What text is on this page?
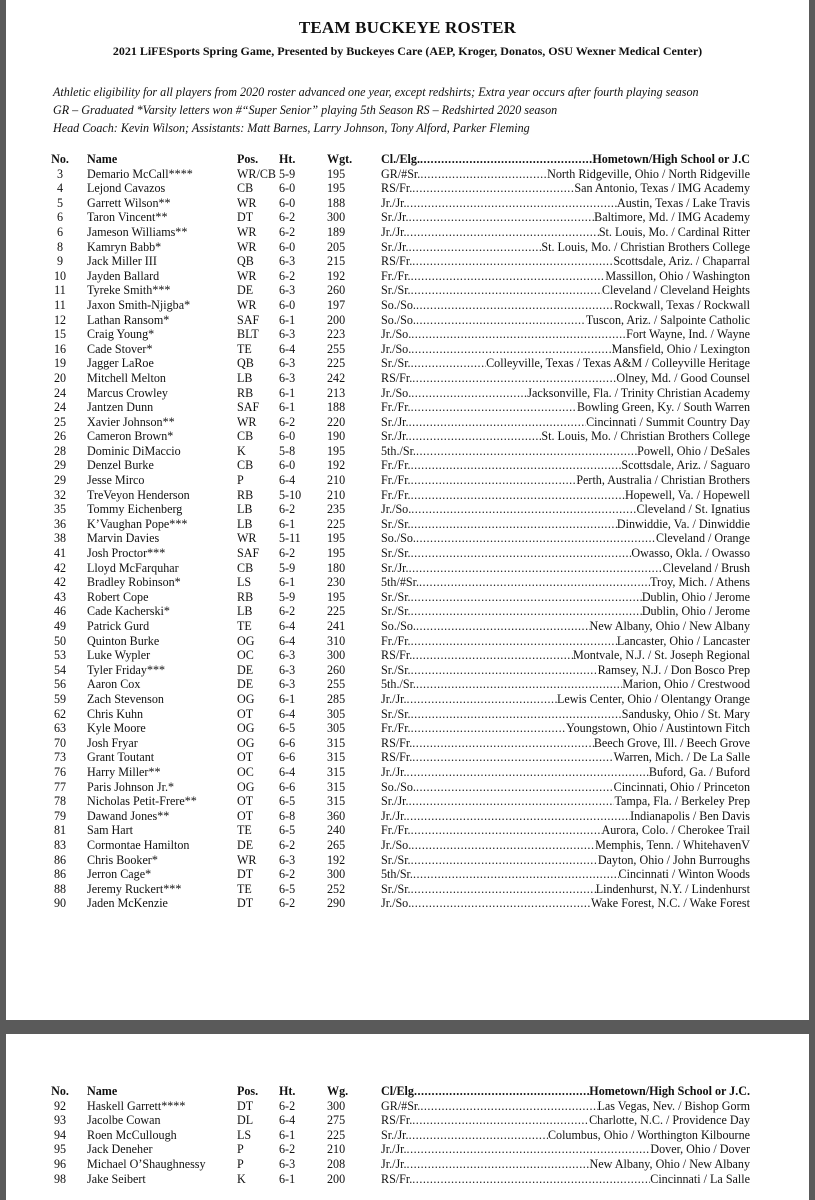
TEAM BUCKEYE ROSTER
2021 LiFESports Spring Game, Presented by Buckeyes Care (AEP, Kroger, Donatos, OSU Wexner Medical Center)
Athletic eligibility for all players from 2020 roster advanced one year, except redshirts; Extra year occurs after fourth playing season
GR – Graduated *Varsity letters won #“Super Senior” playing 5th Season RS – Redshirted 2020 season
Head Coach: Kevin Wilson; Assistants: Matt Barnes, Larry Johnson, Tony Alford, Parker Fleming
No. Name	Pos. Ht.	Wgt. Cl./Elg. .....	Hometown/High School or J.C
3	Demario McCall****	WR/CB 5-9	195	GR/#Sr. .....	North Ridgeville, Ohio / North Ridgeville
4	Lejond Cavazos	CB 6-0	195	RS/Fr. .....	San Antonio, Texas / IMG Academy
5	Garrett Wilson**	WR 6-0	188	Jr./Jr. .....	Austin, Texas / Lake Travis
6	Taron Vincent**	DT 6-2	300	Sr./Jr. .....	Baltimore, Md. / IMG Academy
6	Jameson Williams**	WR 6-2	189	Jr./Jr. .....	St. Louis, Mo. / Cardinal Ritter
8	Kamryn Babb*	WR 6-0	205	Sr./Jr. .....	St. Louis, Mo. / Christian Brothers College
9	Jack Miller III	QB 6-3	215	RS/Fr. .....	Scottsdale, Ariz. / Chaparral
10	Jayden Ballard	WR 6-2	192	Fr./Fr. .....	Massillon, Ohio / Washington
11	Tyreke Smith***	DE 6-3	260	Sr./Sr. .....	Cleveland / Cleveland Heights
11	Jaxon Smith-Njigba*	WR 6-0	197	So./So. .....	Rockwall, Texas / Rockwall
12	Lathan Ransom*	SAF 6-1	200	So./So. .....	Tuscon, Ariz. / Salpointe Catholic
15	Craig Young*	BLT 6-3	223	Jr./So. .....	Fort Wayne, Ind. / Wayne
16	Cade Stover*	TE 6-4	255	Jr./So. .....	Mansfield, Ohio / Lexington
19	Jagger LaRoe	QB 6-3	225	Sr./Sr. .....	Colleyville, Texas / Texas A&M / Colleyville Heritage
20	Mitchell Melton	LB 6-3	242	RS/Fr. .....	Olney, Md. / Good Counsel
24	Marcus Crowley	RB 6-1	213	Jr./So. .....	Jacksonville, Fla. / Trinity Christian Academy
24	Jantzen Dunn	SAF 6-1	188	Fr./Fr. .....	Bowling Green, Ky. / South Warren
25	Xavier Johnson**	WR 6-2	220	Sr./Jr. .....	Cincinnati / Summit Country Day
26	Cameron Brown*	CB 6-0	190	Sr./Jr. .....	St. Louis, Mo. / Christian Brothers College
28	Dominic DiMaccio	K	5-8	195	5th./Sr. .....	Powell, Ohio / DeSales
29	Denzel Burke	CB 6-0	192	Fr./Fr. .....	Scottsdale, Ariz. / Saguaro
29	Jesse Mirco	P	6-4	210	Fr./Fr. .....	Perth, Australia / Christian Brothers
32	TreVeyon Henderson	RB 5-10 210	Fr./Fr. .....	Hopewell, Va. / Hopewell
35	Tommy Eichenberg	LB 6-2	235	Jr./So. .....	Cleveland / St. Ignatius
36	K’Vaughan Pope***	LB 6-1	225	Sr./Sr. .....	Dinwiddie, Va. / Dinwiddie
38	Marvin Davies	WR 5-11 195	So./So. .....	Cleveland / Orange
41	Josh Proctor***	SAF 6-2	195	Sr./Sr. .....	Owasso, Okla. / Owasso
42	Lloyd McFarquhar	CB 5-9	180	Sr./Jr. .....	Cleveland / Brush
42	Bradley Robinson*	LS 6-1	230	5th/#Sr. .....	Troy, Mich. / Athens
43	Robert Cope	RB 5-9	195	Sr./Sr. .....	Dublin, Ohio / Jerome
46	Cade Kacherski*	LB 6-2	225	Sr./Sr. .....	Dublin, Ohio / Jerome
49	Patrick Gurd	TE 6-4	241	So./So. .....	New Albany, Ohio / New Albany
50	Quinton Burke	OG 6-4	310	Fr./Fr. .....	Lancaster, Ohio / Lancaster
53	Luke Wypler	OC 6-3	300	RS/Fr. .....	Montvale, N.J. / St. Joseph Regional
54	Tyler Friday***	DE 6-3	260	Sr./Sr. .....	Ramsey, N.J. / Don Bosco Prep
56	Aaron Cox	DE 6-3	255	5th./Sr. .....	Marion, Ohio / Crestwood
59	Zach Stevenson	OG 6-1	285	Jr./Jr. .....	Lewis Center, Ohio / Olentangy Orange
62	Chris Kuhn	OT 6-4	305	Sr./Sr. .....	Sandusky, Ohio / St. Mary
63	Kyle Moore	OG 6-5	305	Fr./Fr. .....	Youngstown, Ohio / Austintown Fitch
70	Josh Fryar	OG 6-6	315	RS/Fr. .....	Beech Grove, Ill. / Beech Grove
73	Grant Toutant	OT 6-6	315	RS/Fr. .....	Warren, Mich. / De La Salle
76	Harry Miller**	OC 6-4	315	Jr./Jr. .....	Buford, Ga. / Buford
77	Paris Johnson Jr.*	OG 6-6	315	So./So. .....	Cincinnati, Ohio / Princeton
78	Nicholas Petit-Frere**	OT 6-5	315	Sr./Jr. .....	Tampa, Fla. / Berkeley Prep
79	Dawand Jones**	OT 6-8	360	Jr./Jr. .....	Indianapolis / Ben Davis
81	Sam Hart	TE 6-5	240	Fr./Fr. .....	Aurora, Colo. / Cherokee Trail
83	Cormontae Hamilton	DE 6-2	265	Jr./So. .....	Memphis, Tenn. / WhitehavenV
86	Chris Booker*	WR 6-3	192	Sr./Sr. .....	Dayton, Ohio / John Burroughs
86	Jerron Cage*	DT 6-2	300	5th/Sr. .....	Cincinnati / Winton Woods
88	Jeremy Ruckert***	TE 6-5	252	Sr./Sr. .....	Lindenhurst, N.Y. / Lindenhurst
90	Jaden McKenzie	DT 6-2	290	Jr./So. .....	Wake Forest, N.C. / Wake Forest
No. Name	Pos. Ht.	Wg.	Cl/Elg .....	Hometown/High School or J.C.
92	Haskell Garrett****	DT 6-2	300	GR/#Sr. .....	Las Vegas, Nev. / Bishop Gorm
93	Jacolbe Cowan	DL 6-4	275	RS/Fr. .....	Charlotte, N.C. / Providence Day
94	Roen McCullough	LS 6-1	225	Sr./Jr. .....	Columbus, Ohio / Worthington Kilbourne
95	Jack Deneher	P	6-2	210	Jr./Jr. .....	Dover, Ohio / Dover
96	Michael O’Shaughnessy	P	6-3	208	Jr./Jr. .....	New Albany, Ohio / New Albany
98	Jake Seibert	K	6-1	200	RS/Fr. .....	Cincinnati / La Salle
